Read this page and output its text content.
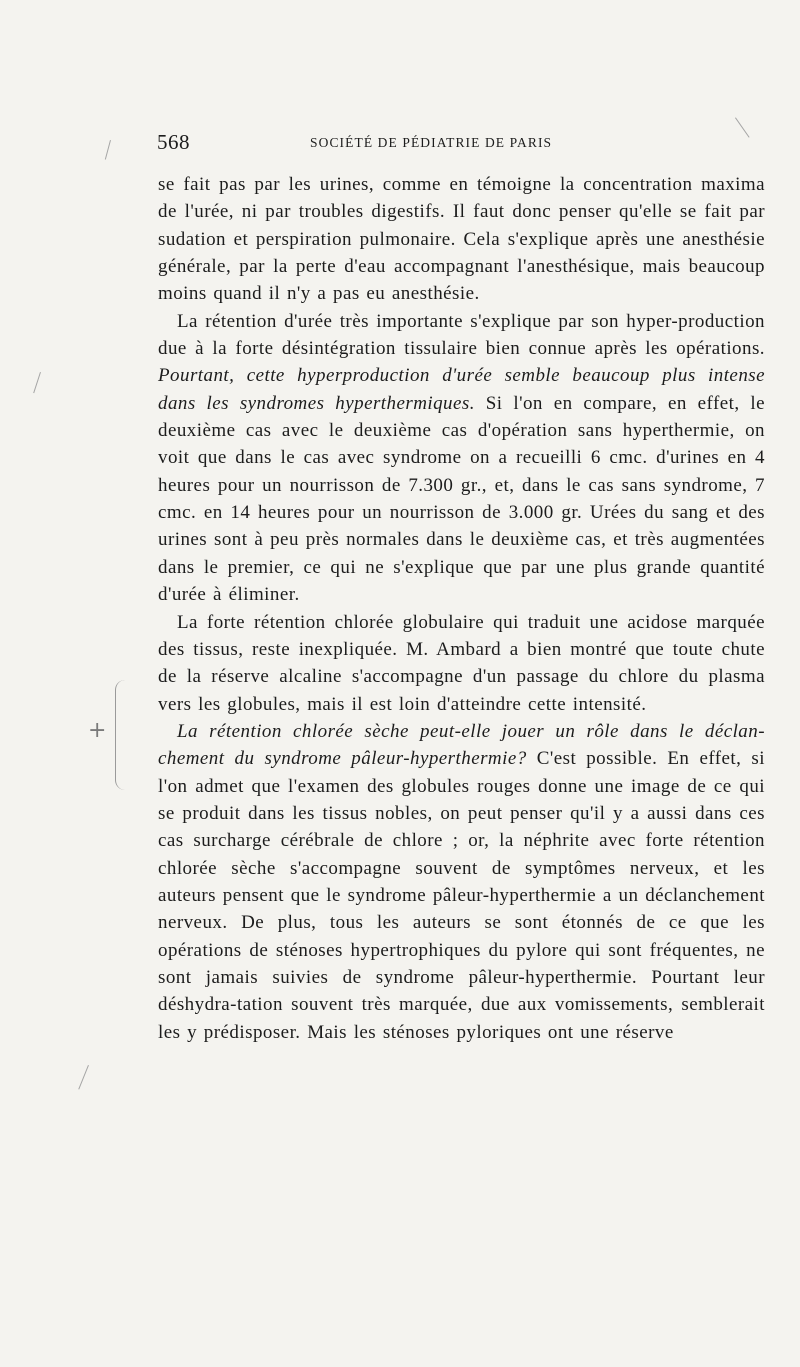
568	SOCIÉTÉ DE PÉDIATRIE DE PARIS

se fait pas par les urines, comme en témoigne la concentration maxima de l'urée, ni par troubles digestifs. Il faut donc penser qu'elle se fait par sudation et perspiration pulmonaire. Cela s'explique après une anesthésie générale, par la perte d'eau accompagnant l'anesthésique, mais beaucoup moins quand il n'y a pas eu anesthésie.

La rétention d'urée très importante s'explique par son hyper-production due à la forte désintégration tissulaire bien connue après les opérations. Pourtant, cette hyperproduction d'urée semble beaucoup plus intense dans les syndromes hyperthermiques. Si l'on en compare, en effet, le deuxième cas avec le deuxième cas d'opération sans hyperthermie, on voit que dans le cas avec syndrome on a recueilli 6 cmc. d'urines en 4 heures pour un nourrisson de 7.300 gr., et, dans le cas sans syndrome, 7 cmc. en 14 heures pour un nourrisson de 3.000 gr. Urées du sang et des urines sont à peu près normales dans le deuxième cas, et très augmentées dans le premier, ce qui ne s'explique que par une plus grande quantité d'urée à éliminer.

La forte rétention chlorée globulaire qui traduit une acidose marquée des tissus, reste inexpliquée. M. Ambard a bien montré que toute chute de la réserve alcaline s'accompagne d'un passage du chlore du plasma vers les globules, mais il est loin d'atteindre cette intensité.

La rétention chlorée sèche peut-elle jouer un rôle dans le déclan-chement du syndrome pâleur-hyperthermie? C'est possible. En effet, si l'on admet que l'examen des globules rouges donne une image de ce qui se produit dans les tissus nobles, on peut penser qu'il y a aussi dans ces cas surcharge cérébrale de chlore ; or, la néphrite avec forte rétention chlorée sèche s'accompagne souvent de symptômes nerveux, et les auteurs pensent que le syndrome pâleur-hyperthermie a un déclanchement nerveux. De plus, tous les auteurs se sont étonnés de ce que les opérations de sténoses hypertrophiques du pylore qui sont fréquentes, ne sont jamais suivies de syndrome pâleur-hyperthermie. Pourtant leur déshydra-tation souvent très marquée, due aux vomissements, semblerait les y prédisposer. Mais les sténoses pyloriques ont une réserve

+
